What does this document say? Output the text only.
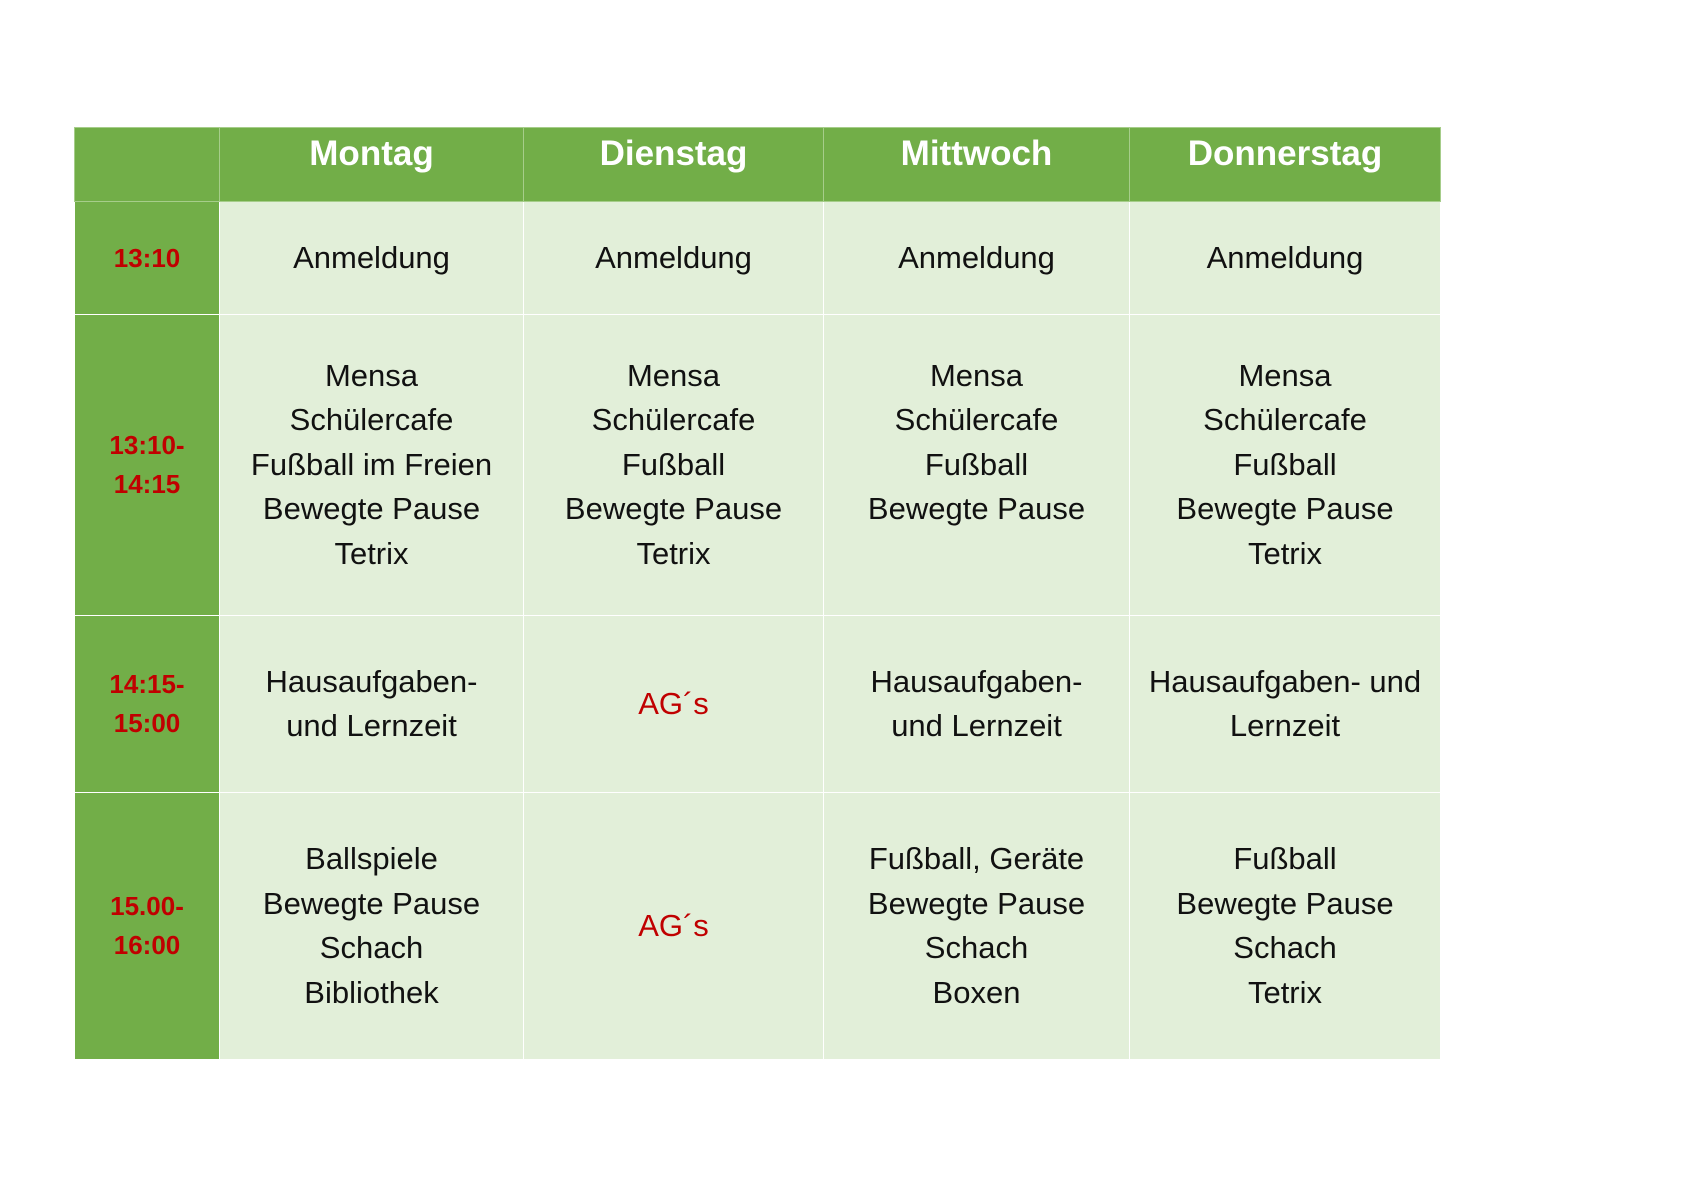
	Montag	Dienstag	Mittwoch	Donnerstag

13:10	Anmeldung	Anmeldung	Anmeldung	Anmeldung

13:10-
14:15	Mensa
Schülercafe
Fußball im Freien
Bewegte Pause
Tetrix	Mensa
Schülercafe
Fußball
Bewegte Pause
Tetrix	Mensa
Schülercafe
Fußball
Bewegte Pause	Mensa
Schülercafe
Fußball
Bewegte Pause
Tetrix

14:15-
15:00	Hausaufgaben-
und Lernzeit	AG´s	Hausaufgaben-
und Lernzeit	Hausaufgaben- und
Lernzeit

15.00-
16:00	Ballspiele
Bewegte Pause
Schach
Bibliothek	AG´s	Fußball, Geräte
Bewegte Pause
Schach
Boxen	Fußball
Bewegte Pause
Schach
Tetrix
